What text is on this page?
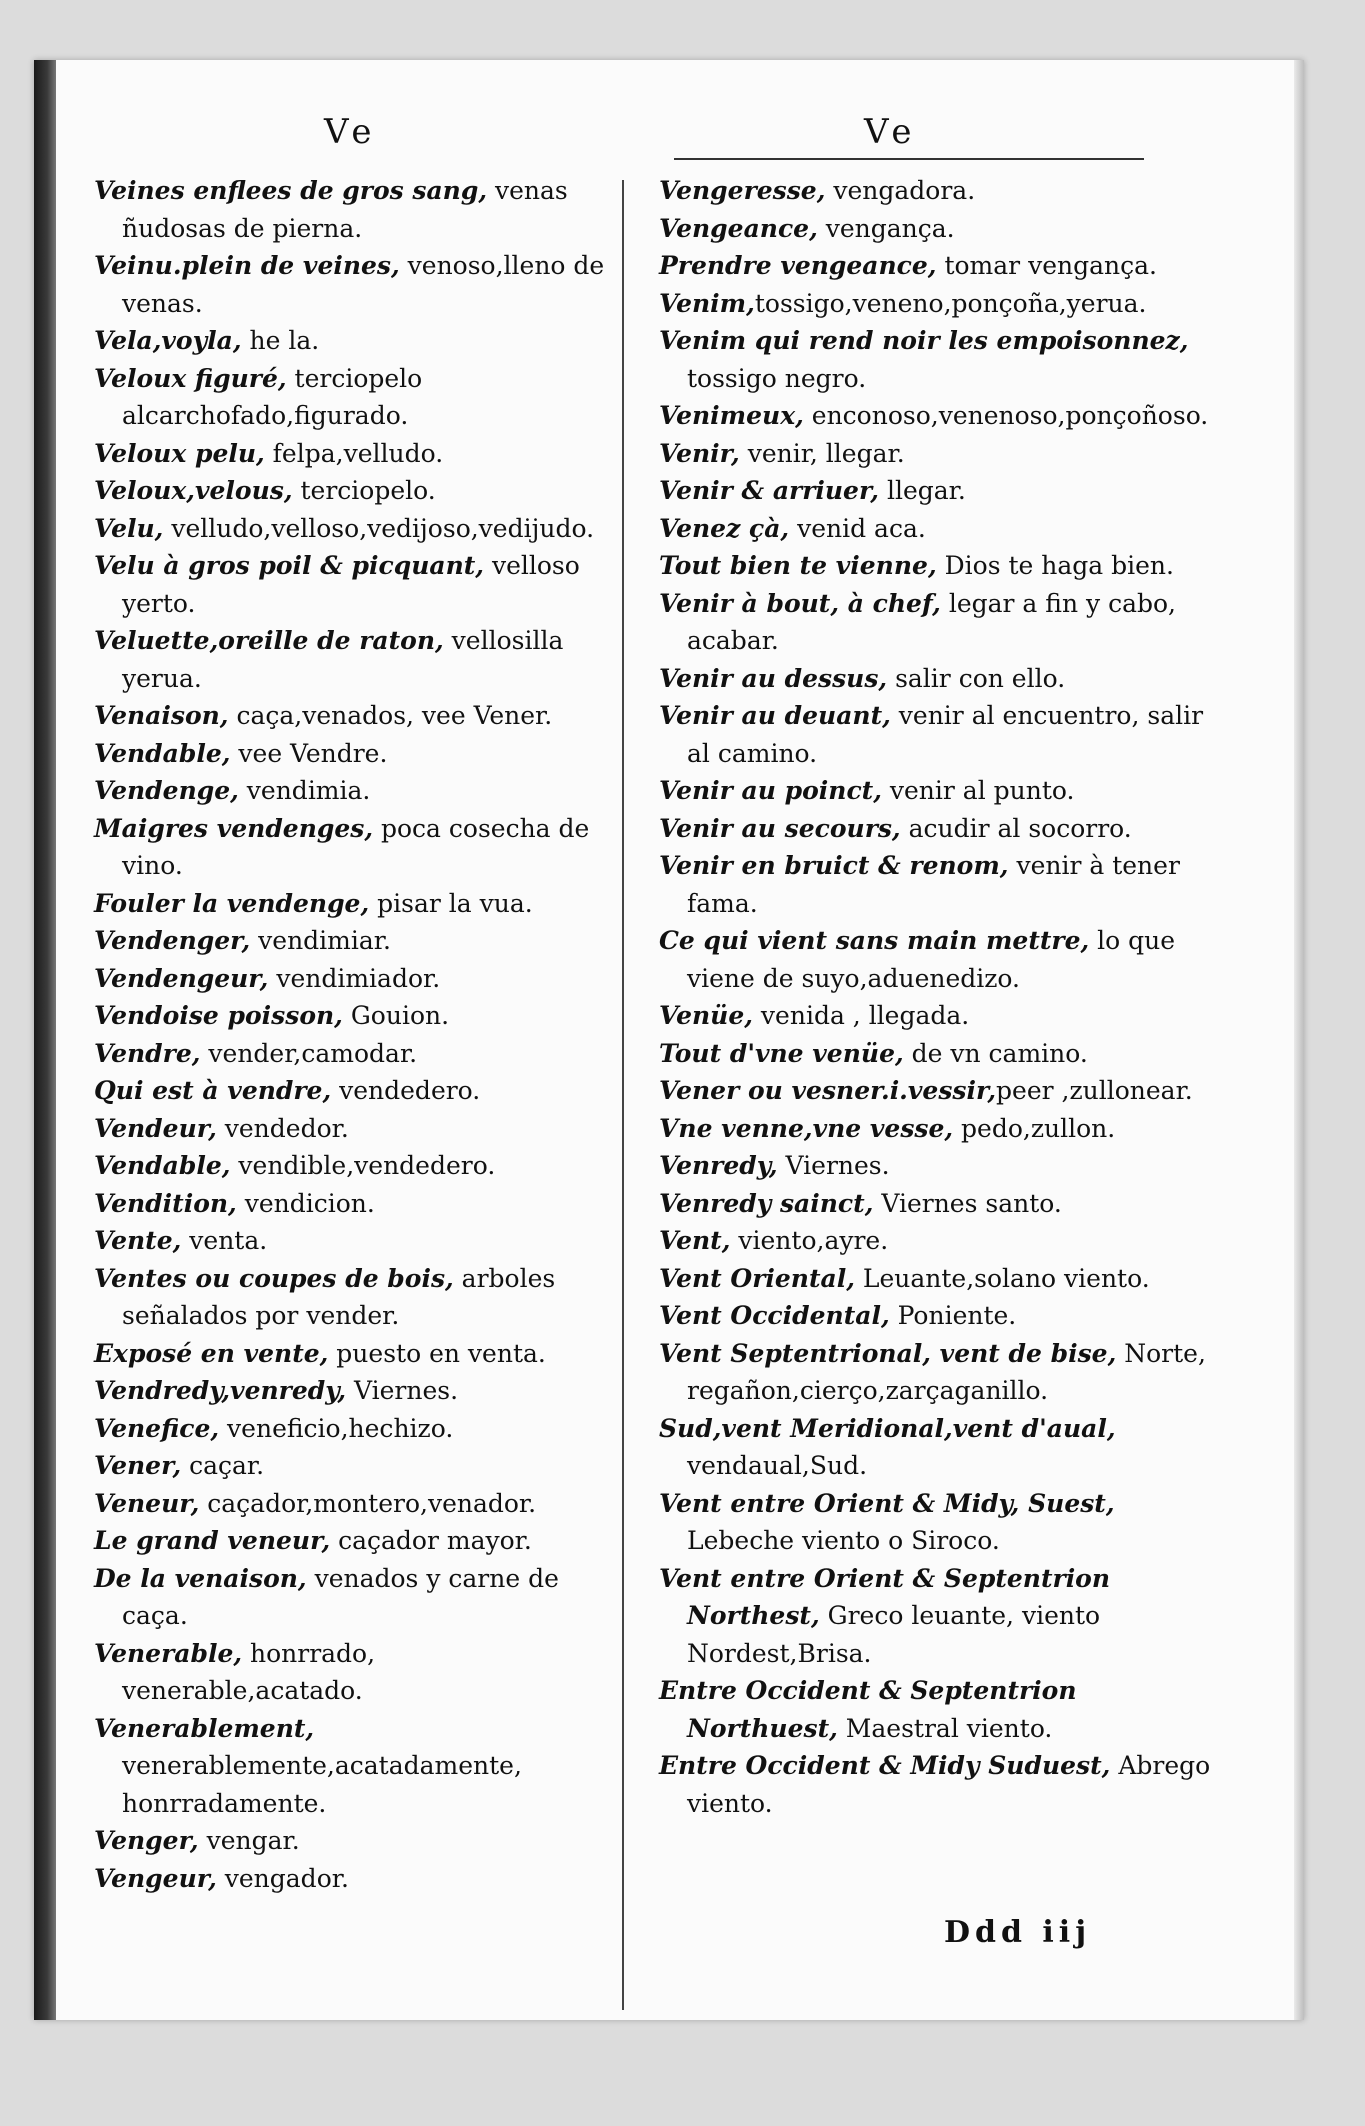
Ve	Ve

Veines enflees de gros sang, venas ñudosas de pierna.

Veinu.plein de veines, venoso,lleno de venas.

Vela,voyla, he la.

Veloux figuré, terciopelo alcarchofado,figurado.

Veloux pelu, felpa,velludo.

Veloux,velous, terciopelo.

Velu, velludo,velloso,vedijoso,vedijudo.

Velu à gros poil & picquant, velloso yerto.

Veluette,oreille de raton, vellosilla yerua.

Venaison, caça,venados, vee Vener.

Vendable, vee Vendre.

Vendenge, vendimia.

Maigres vendenges, poca cosecha de vino.

Fouler la vendenge, pisar la vua.

Vendenger, vendimiar.

Vendengeur, vendimiador.

Vendoise poisson, Gouion.

Vendre, vender,camodar.

Qui est à vendre, vendedero.

Vendeur, vendedor.

Vendable, vendible,vendedero.

Vendition, vendicion.

Vente, venta.

Ventes ou coupes de bois, arboles señalados por vender.

Exposé en vente, puesto en venta.

Vendredy,venredy, Viernes.

Venefice, veneficio,hechizo.

Vener, caçar.

Veneur, caçador,montero,venador.

Le grand veneur, caçador mayor.

De la venaison, venados y carne de caça.

Venerable, honrrado, venerable,acatado.

Venerablement, venerablemente,acatadamente, honrradamente.

Venger, vengar.

Vengeur, vengador.

Vengeresse, vengadora.

Vengeance, vengança.

Prendre vengeance, tomar vengança.

Venim,tossigo,veneno,ponçoña,yerua.

Venim qui rend noir les empoisonnez, tossigo negro.

Venimeux, enconoso,venenoso,ponçoñoso.

Venir, venir, llegar.

Venir & arriuer, llegar.

Venez çà, venid aca.

Tout bien te vienne, Dios te haga bien.

Venir à bout, à chef, legar a fin y cabo, acabar.

Venir au dessus, salir con ello.

Venir au deuant, venir al encuentro, salir al camino.

Venir au poinct, venir al punto.

Venir au secours, acudir al socorro.

Venir en bruict & renom, venir à tener fama.

Ce qui vient sans main mettre, lo que viene de suyo,aduenedizo.

Venüe, venida , llegada.

Tout d'vne venüe, de vn camino.

Vener ou vesner.i.vessir,peer ,zullonear.

Vne venne,vne vesse, pedo,zullon.

Venredy, Viernes.

Venredy sainct, Viernes santo.

Vent, viento,ayre.

Vent Oriental, Leuante,solano viento.

Vent Occidental, Poniente.

Vent Septentrional, vent de bise, Norte, regañon,cierço,zarçaganillo.

Sud,vent Meridional,vent d'aual, vendaual,Sud.

Vent entre Orient & Midy, Suest, Lebeche viento o Siroco.

Vent entre Orient & Septentrion Northest, Greco leuante, viento Nordest,Brisa.

Entre Occident & Septentrion Northuest, Maestral viento.

Entre Occident & Midy Suduest, Abrego viento.

Ddd iij
